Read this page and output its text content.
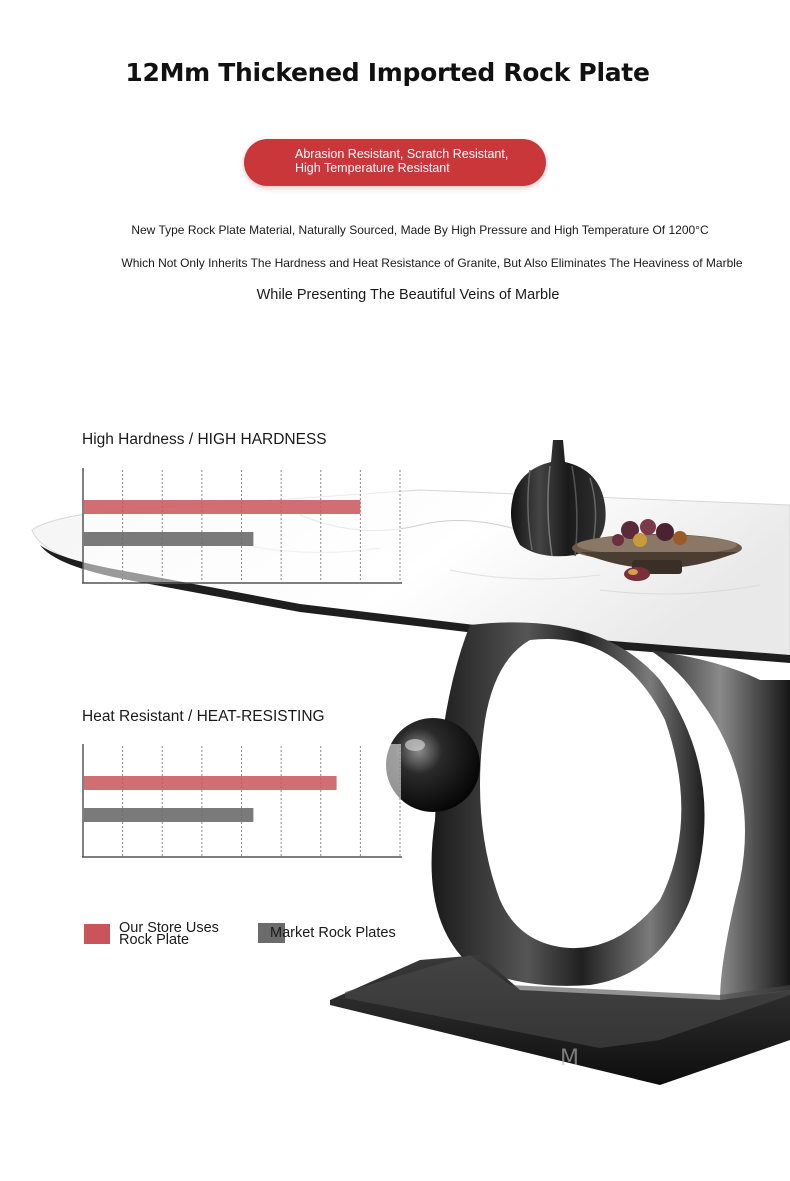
M
12Mm Thickened Imported Rock Plate
Abrasion Resistant, Scratch Resistant,
High Temperature Resistant
New Type Rock Plate Material, Naturally Sourced, Made By High Pressure and High Temperature Of 1200°C
Which Not Only Inherits The Hardness and Heat Resistance of Granite, But Also Eliminates The Heaviness of Marble
While Presenting The Beautiful Veins of Marble
High Hardness / HIGH HARDNESS
Heat Resistant / HEAT-RESISTING
Our Store Uses
Rock Plate	Market Rock Plates
